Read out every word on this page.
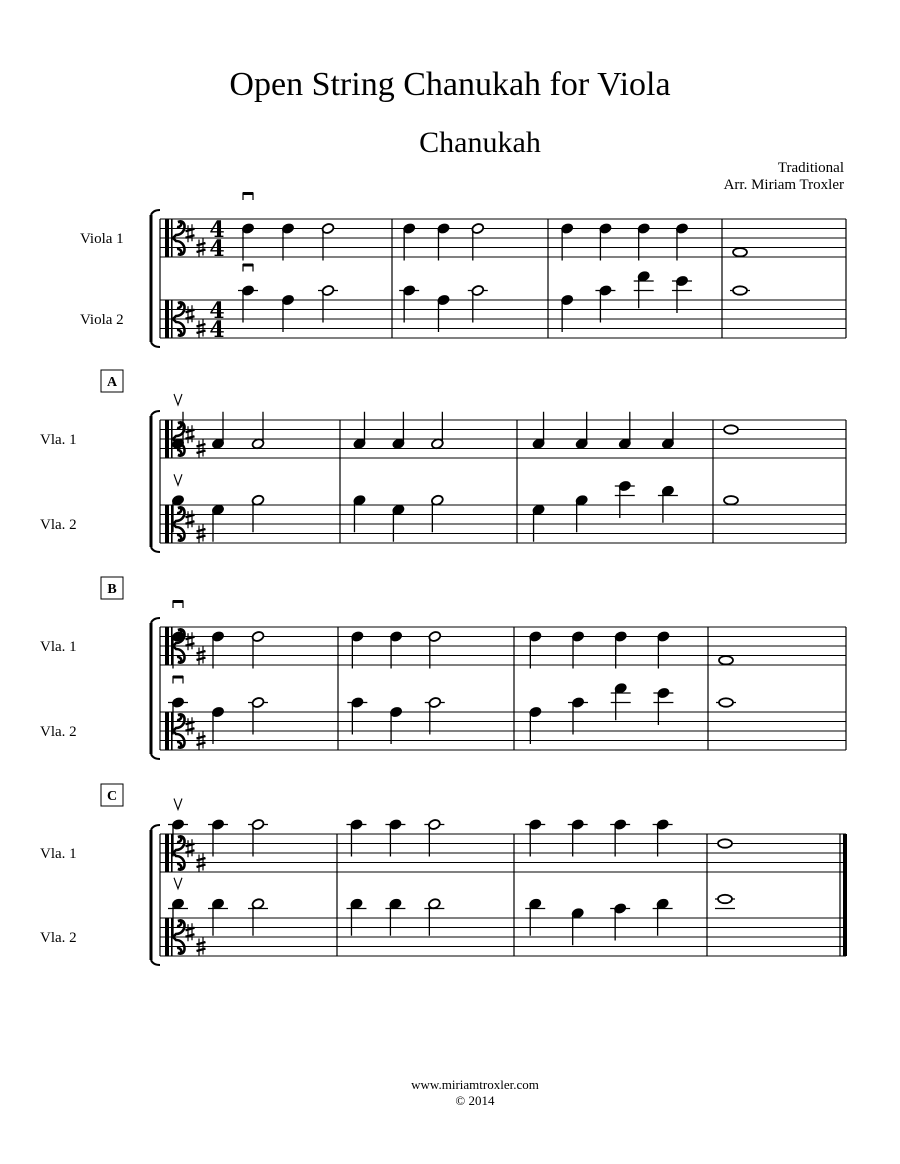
Open String Chanukah for Viola
Chanukah
Traditional
Arr. Miriam Troxler
Viola 1	4
4
Viola 2	4
4
A
Vla. 1
Vla. 2
B
Vla. 1
Vla. 2
C
Vla. 1
Vla. 2
www.miriamtroxler.com
© 2014
